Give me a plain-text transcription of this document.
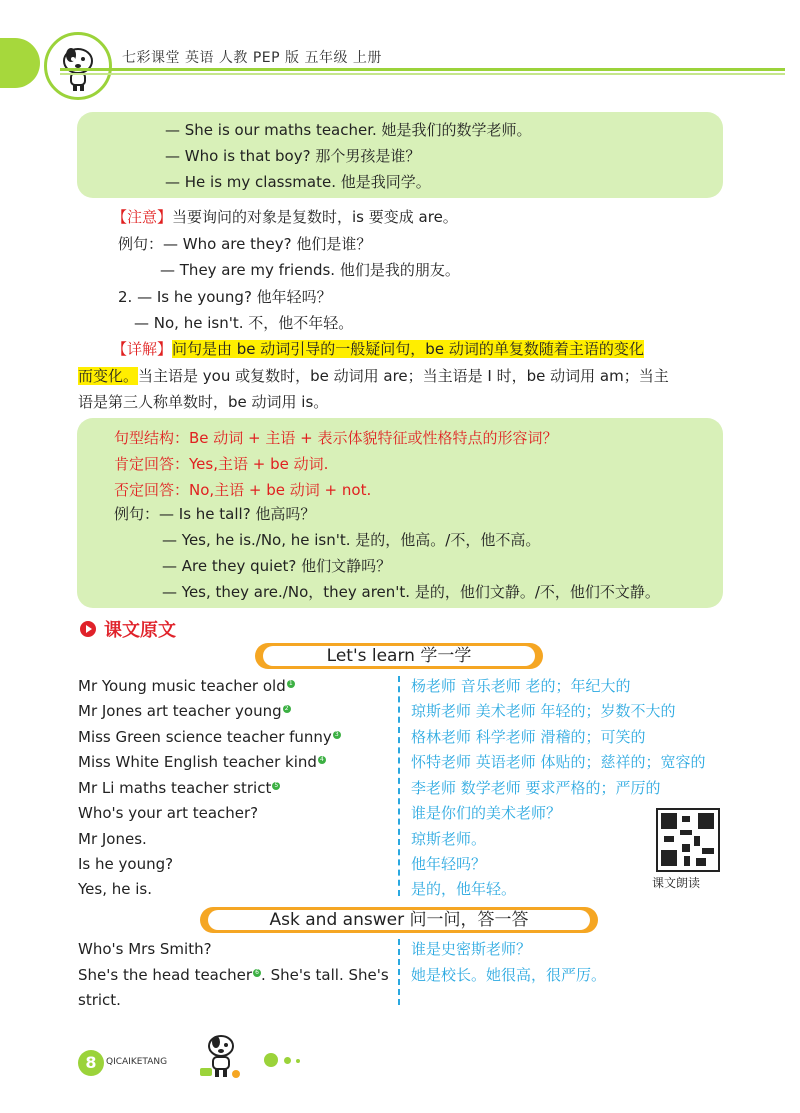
七彩课堂 英语 人教 PEP 版 五年级 上册
— She is our maths teacher. 她是我们的数学老师。
— Who is that boy? 那个男孩是谁？
— He is my classmate. 他是我同学。
【注意】当要询问的对象是复数时，is 要变成 are。
例句：— Who are they? 他们是谁？
— They are my friends. 他们是我的朋友。
2. — Is he young? 他年轻吗？
— No, he isn't. 不，他不年轻。
【详解】问句是由 be 动词引导的一般疑问句，be 动词的单复数随着主语的变化
而变化。当主语是 you 或复数时，be 动词用 are；当主语是 I 时，be 动词用 am；当主
语是第三人称单数时，be 动词用 is。
句型结构：Be 动词 + 主语 + 表示体貌特征或性格特点的形容词？
肯定回答：Yes,主语 + be 动词.
否定回答：No,主语 + be 动词 + not.
例句：— Is he tall? 他高吗？
— Yes, he is./No, he isn't. 是的，他高。/不，他不高。
— Are they quiet? 他们文静吗？
— Yes, they are./No，they aren't. 是的，他们文静。/不，他们不文静。
课文原文
Let's learn 学一学
Mr Young music teacher old $^1$	杨老师 音乐老师 老的；年纪大的
Mr Jones art teacher young $^2$	琼斯老师 美术老师 年轻的；岁数不大的
Miss Green science teacher funny $^3$	格林老师 科学老师 滑稽的；可笑的
Miss White English teacher kind $^4$	怀特老师 英语老师 体贴的；慈祥的；宽容的
Mr Li maths teacher strict $^5$	李老师 数学老师 要求严格的；严厉的
Who's your art teacher?	谁是你们的美术老师？
Mr Jones.	琼斯老师。
Is he young?	他年轻吗？
Yes, he is.	是的，他年轻。	课文朗读
Ask and answer 问一问，答一答
Who's Mrs Smith?	谁是史密斯老师？
She's the head teacher $^6$ . She's tall. She's 她是校长。她很高，很严厉。
strict.
8	QICAIKETANG
